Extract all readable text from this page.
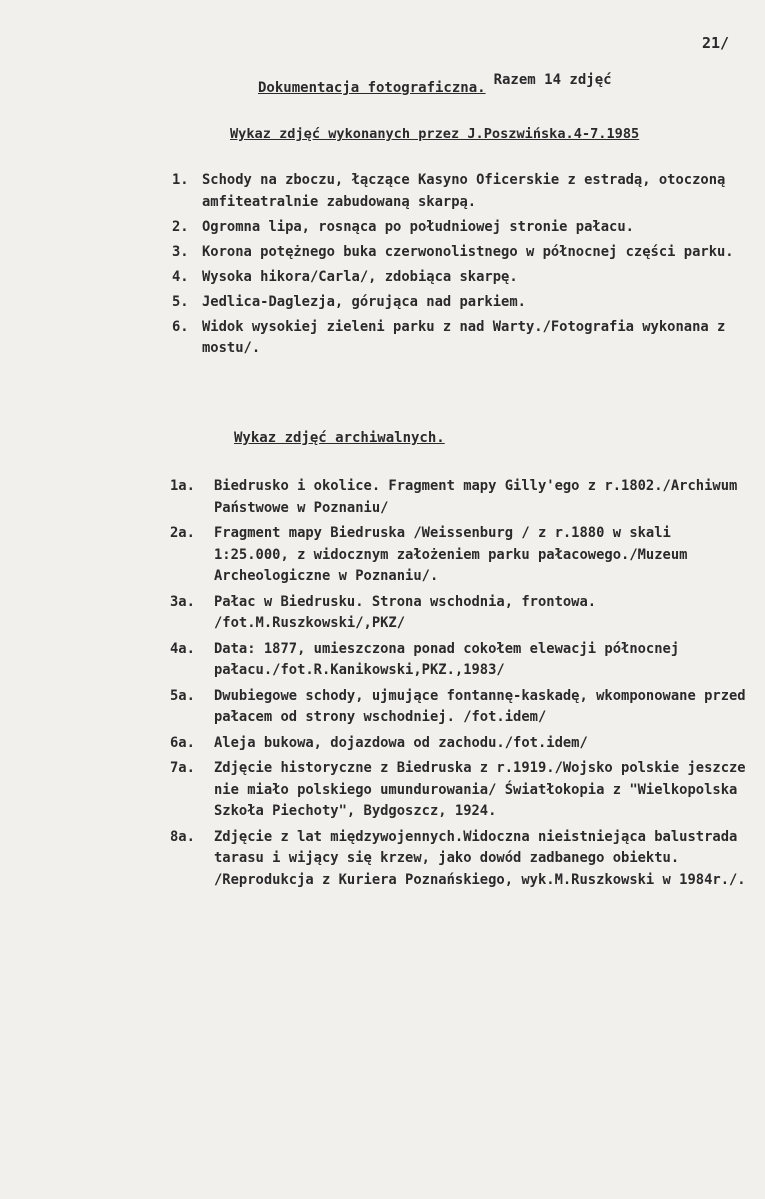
21/
Dokumentacja fotograficzna. Razem 14 zdjęć
Wykaz zdjęć wykonanych przez J.Poszwińska.4-7.1985
1. Schody na zboczu, łączące Kasyno Oficerskie z estradą, otoczoną amfiteatralnie zabudowaną skarpą.
2. Ogromna lipa, rosnąca po południowej stronie pałacu.
3. Korona potężnego buka czerwonolistnego w północnej części parku.
4. Wysoka hikora/Carla/, zdobiąca skarpę.
5. Jedlica-Daglezja, górująca nad parkiem.
6. Widok wysokiej zieleni parku z nad Warty./Fotografia wykonana z mostu/.
Wykaz zdjęć archiwalnych.
1a.	Biedrusko i okolice. Fragment mapy Gilly'ego z r.1802./Archiwum Państwowe w Poznaniu/
2a.	Fragment mapy Biedruska /Weissenburg / z r.1880 w skali 1:25.000, z widocznym założeniem parku pałacowego./Muzeum Archeologiczne w Poznaniu/.
3a.	Pałac w Biedrusku. Strona wschodnia, frontowa. /fot.M.Ruszkowski/,PKZ/
4a.	Data: 1877, umieszczona ponad cokołem elewacji północnej pałacu./fot.R.Kanikowski,PKZ.,1983/
5a.	Dwubiegowe schody, ujmujące fontannę-kaskadę, wkomponowane przed pałacem od strony wschodniej. /fot.idem/
6a.	Aleja bukowa, dojazdowa od zachodu./fot.idem/
7a.	Zdjęcie historyczne z Biedruska z r.1919./Wojsko polskie jeszcze nie miało polskiego umundurowania/ Światłokopia z "Wielkopolska Szkoła Piechoty", Bydgoszcz, 1924.
8a.	Zdjęcie z lat międzywojennych.Widoczna nieistniejąca balustrada tarasu i wijący się krzew, jako dowód zadbanego obiektu. /Reprodukcja z Kuriera Poznańskiego, wyk.M.Ruszkowski w 1984r./.
